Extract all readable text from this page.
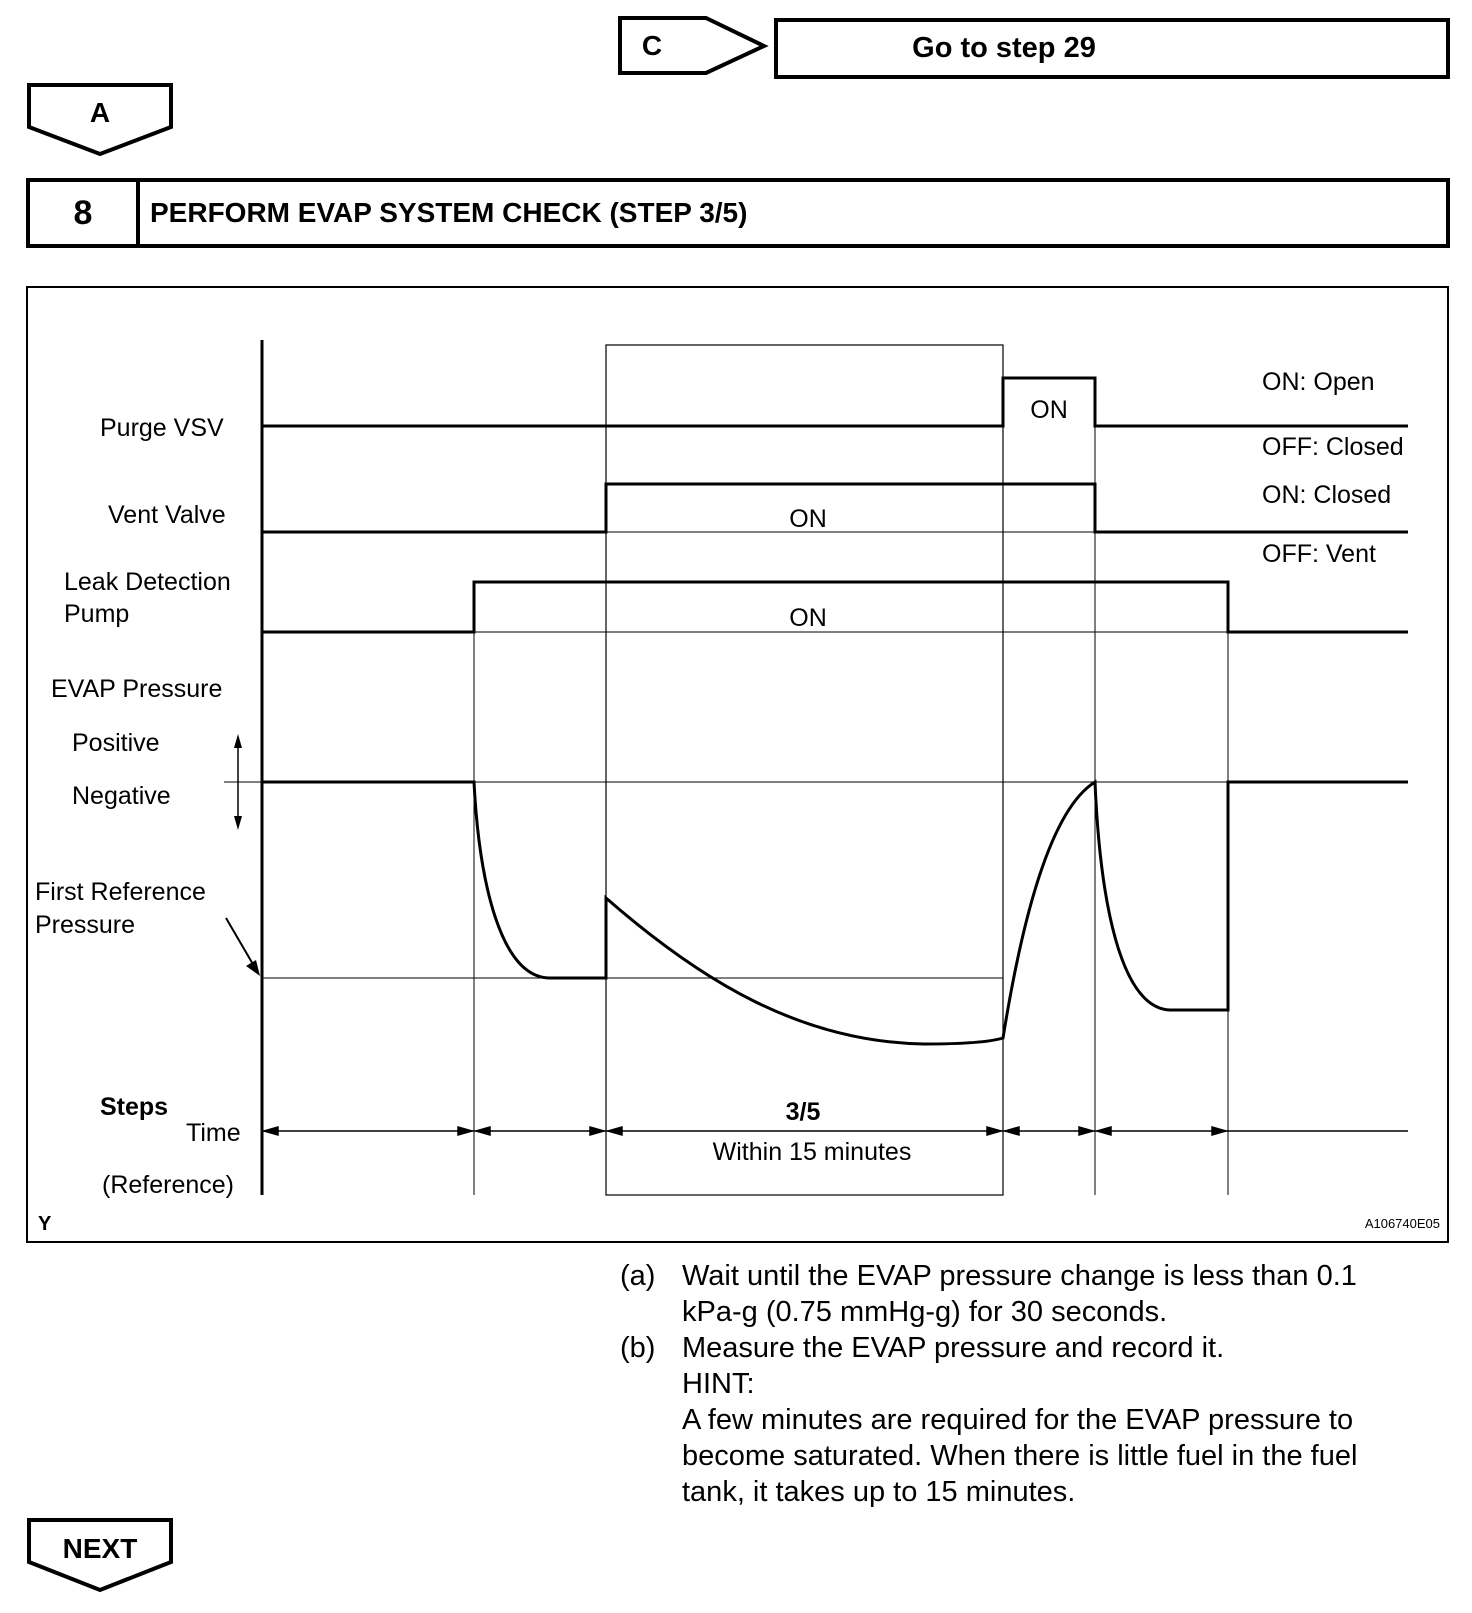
C	Go to step 29
A
8 PERFORM EVAP SYSTEM CHECK (STEP 3/5)
Purge VSV
Vent Valve
Leak Detection
Pump
EVAP Pressure
Positive
Negative
First Reference
Pressure
Steps
Time
(Reference)
ON
ON
ON
ON: Open
OFF: Closed
ON: Closed
OFF: Vent
3/5
Within 15 minutes
Y	A106740E05
NEXT
(a) Wait until the EVAP pressure change is less than 0.1
kPa-g (0.75 mmHg-g) for 30 seconds.
(b) Measure the EVAP pressure and record it.
HINT:
A few minutes are required for the EVAP pressure to
become saturated. When there is little fuel in the fuel
tank, it takes up to 15 minutes.
